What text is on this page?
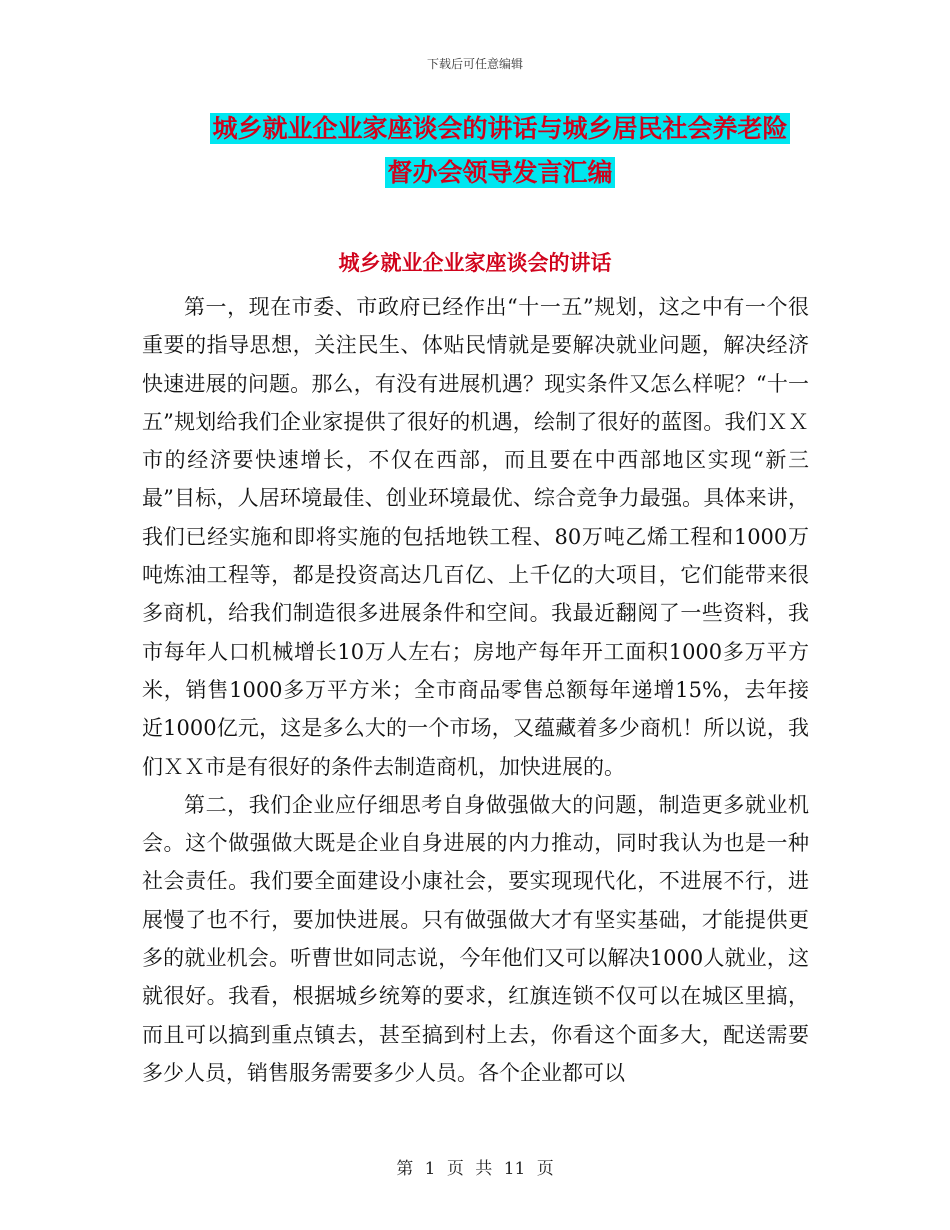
下载后可任意编辑
城乡就业企业家座谈会的讲话与城乡居民社会养老险
督办会领导发言汇编
城乡就业企业家座谈会的讲话

第一，现在市委、市政府已经作出“十一五”规划，这之中有一个很重要的指导思想，关注民生、体贴民情就是要解决就业问题，解决经济快速进展的问题。那么，有没有进展机遇？现实条件又怎么样呢？“十一五”规划给我们企业家提供了很好的机遇，绘制了很好的蓝图。我们ＸＸ市的经济要快速增长，不仅在西部，而且要在中西部地区实现“新三最”目标，人居环境最佳、创业环境最优、综合竞争力最强。具体来讲，我们已经实施和即将实施的包括地铁工程、80万吨乙烯工程和1000万吨炼油工程等，都是投资高达几百亿、上千亿的大项目，它们能带来很多商机，给我们制造很多进展条件和空间。我最近翻阅了一些资料，我市每年人口机械增长10万人左右；房地产每年开工面积1000多万平方米，销售1000多万平方米；全市商品零售总额每年递增15%，去年接近1000亿元，这是多么大的一个市场，又蕴藏着多少商机！所以说，我们ＸＸ市是有很好的条件去制造商机，加快进展的。

第二，我们企业应仔细思考自身做强做大的问题，制造更多就业机会。这个做强做大既是企业自身进展的内力推动，同时我认为也是一种社会责任。我们要全面建设小康社会，要实现现代化，不进展不行，进展慢了也不行，要加快进展。只有做强做大才有坚实基础，才能提供更多的就业机会。听曹世如同志说，今年他们又可以解决1000人就业，这就很好。我看，根据城乡统筹的要求，红旗连锁不仅可以在城区里搞，而且可以搞到重点镇去，甚至搞到村上去，你看这个面多大，配送需要多少人员，销售服务需要多少人员。各个企业都可以

第 1 页 共 11 页
